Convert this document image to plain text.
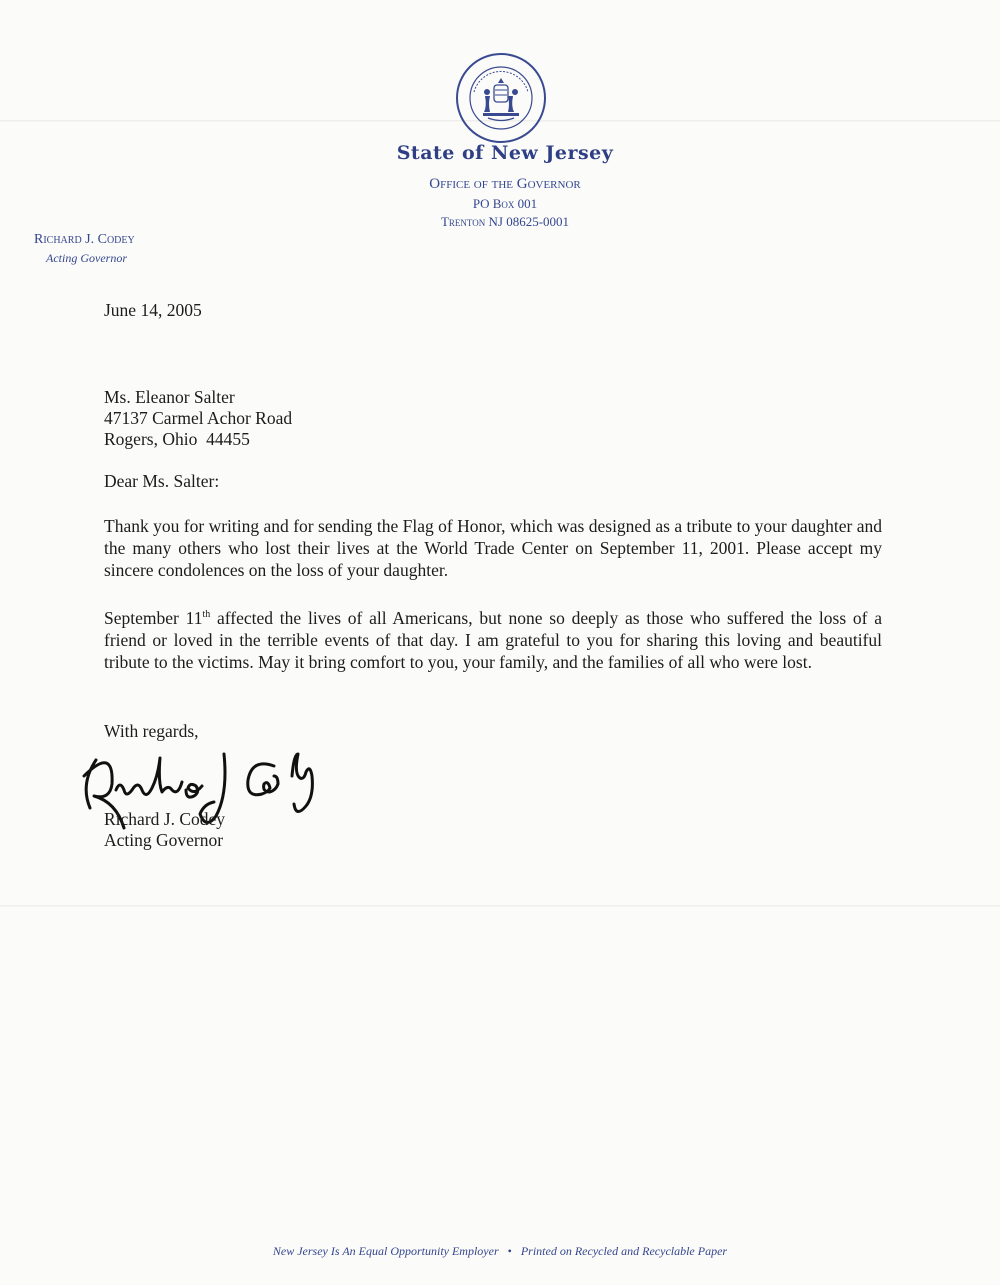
State of New Jersey
Office of the Governor
PO Box 001
Trenton NJ 08625-0001
Richard J. Codey
Acting Governor
June 14, 2005
Ms. Eleanor Salter
47137 Carmel Achor Road
Rogers, Ohio  44455
Dear Ms. Salter:
Thank you for writing and for sending the Flag of Honor, which was designed as a tribute to your daughter and the many others who lost their lives at the World Trade Center on September 11, 2001. Please accept my sincere condolences on the loss of your daughter.
September 11th affected the lives of all Americans, but none so deeply as those who suffered the loss of a friend or loved in the terrible events of that day. I am grateful to you for sharing this loving and beautiful tribute to the victims. May it bring comfort to you, your family, and the families of all who were lost.
With regards,
Richard J. Codey
Acting Governor
New Jersey Is An Equal Opportunity Employer • Printed on Recycled and Recyclable Paper
